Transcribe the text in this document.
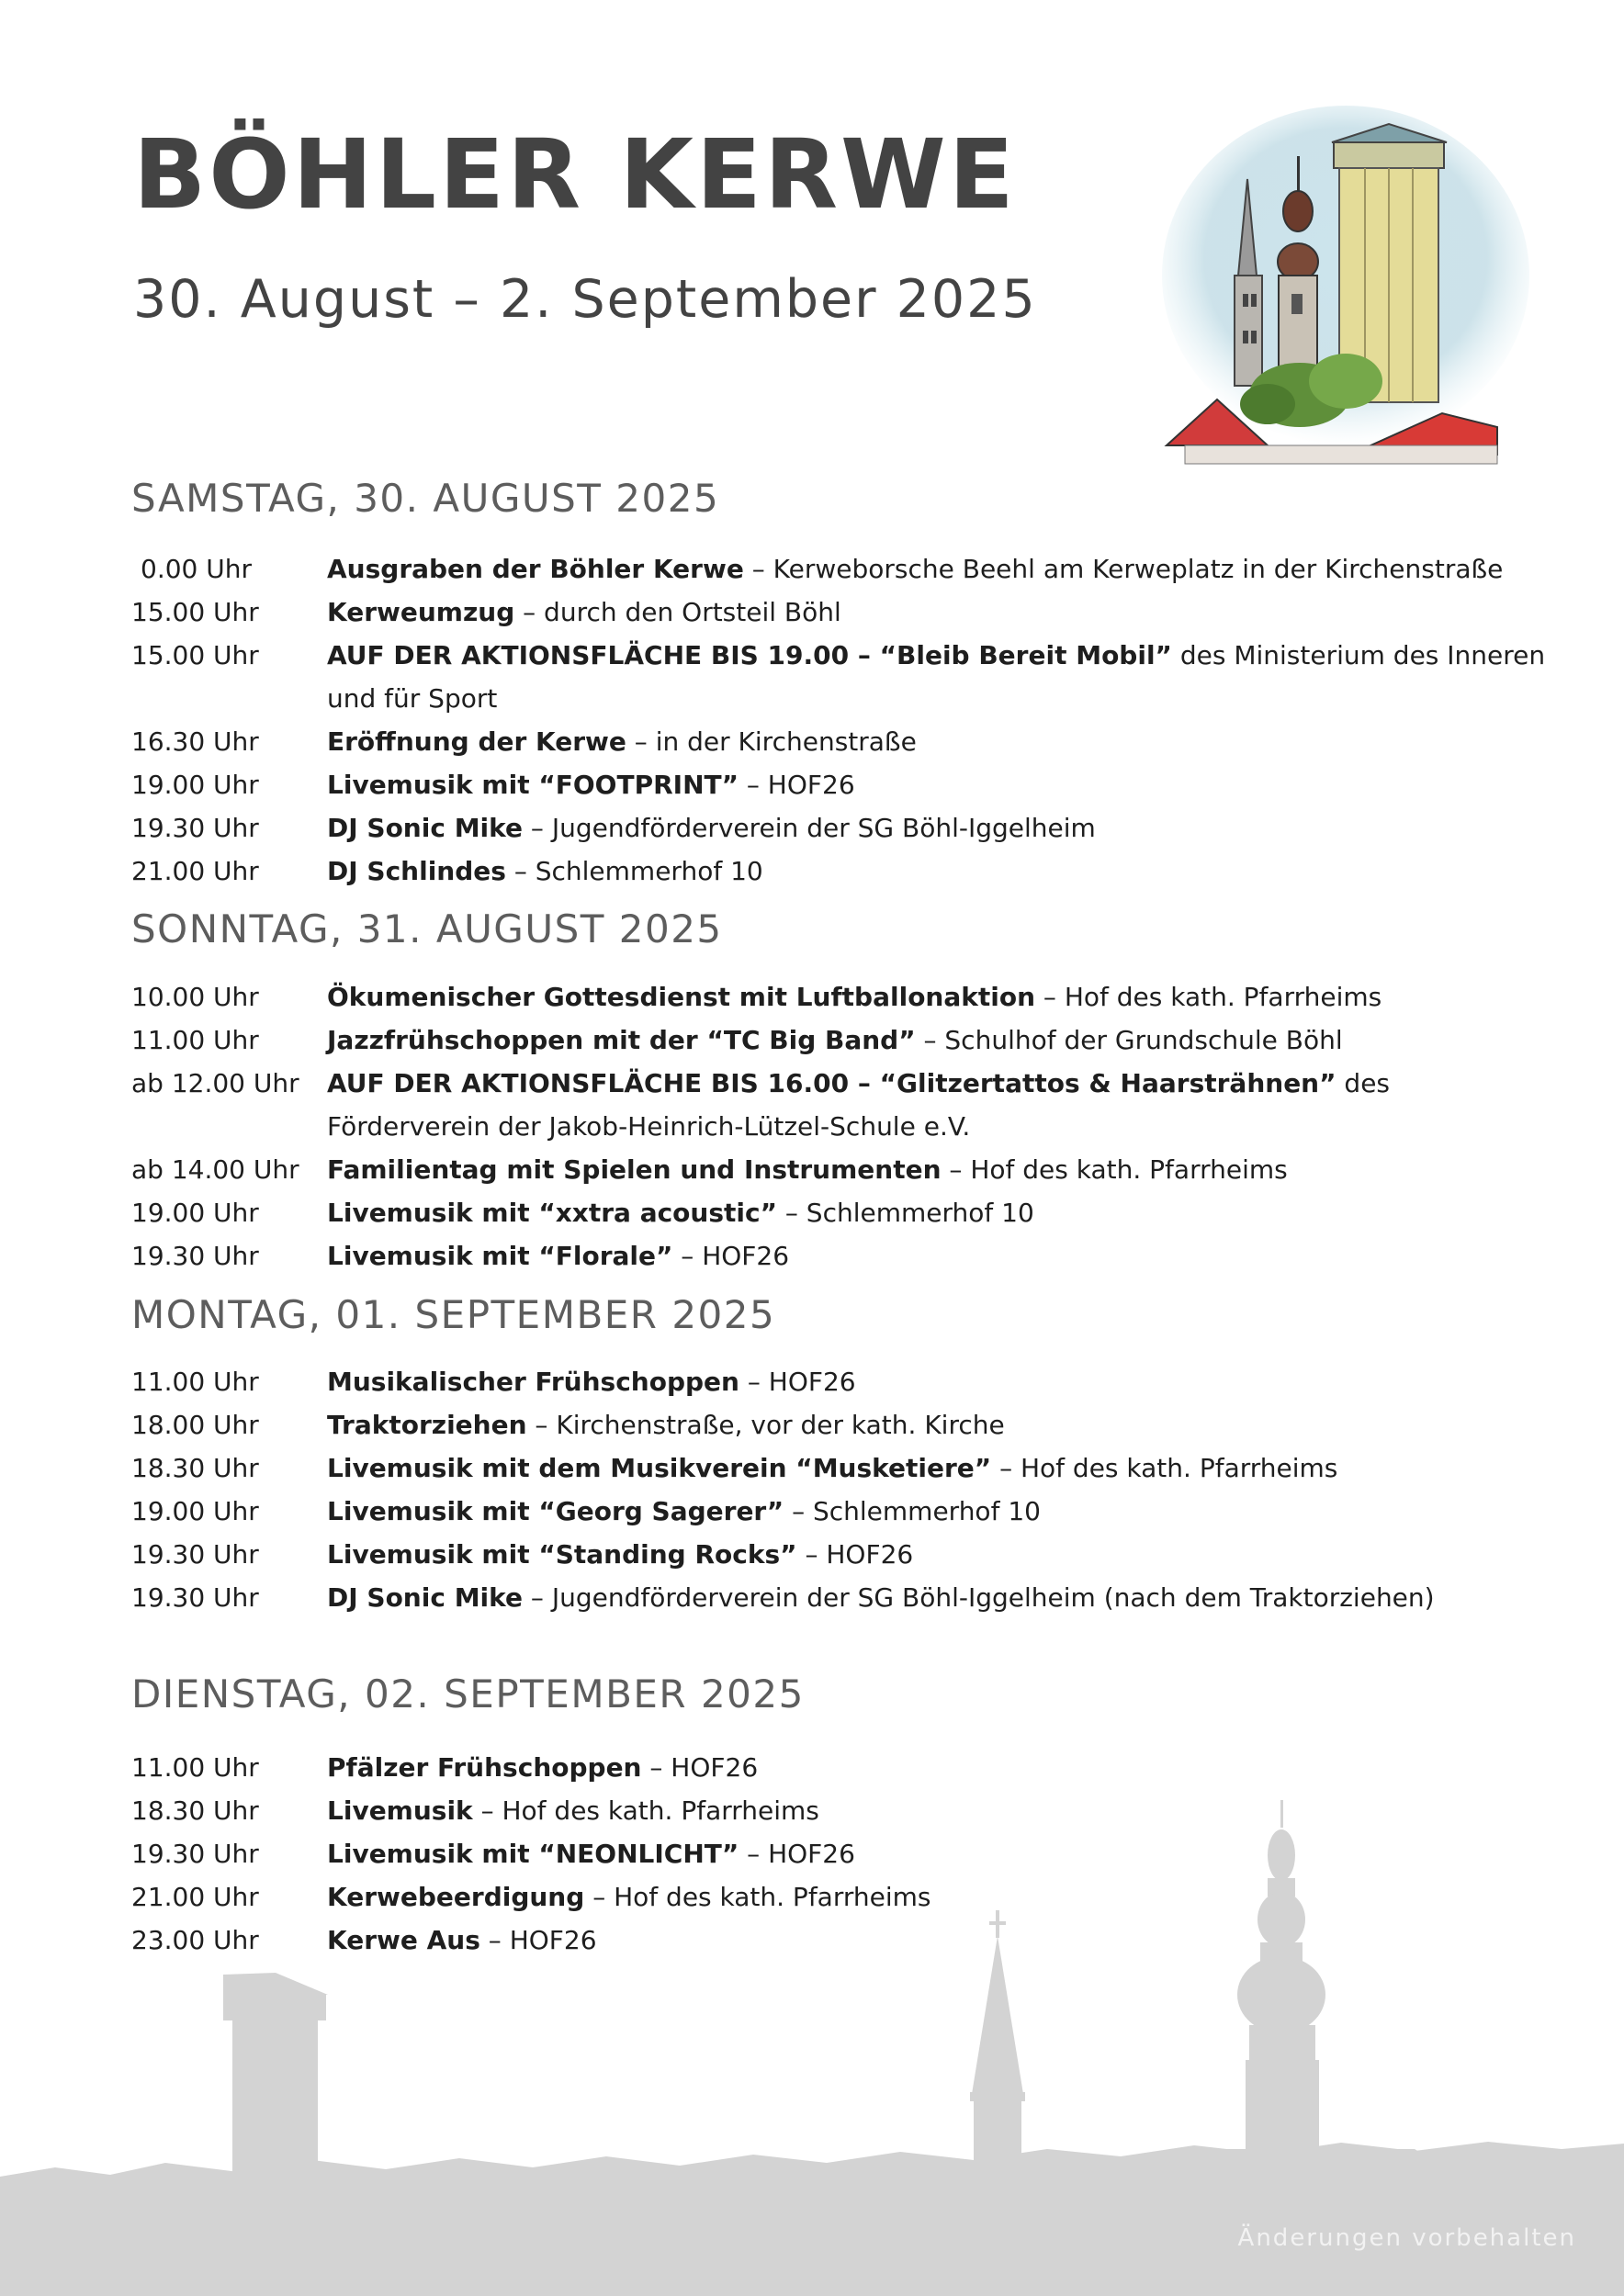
BÖHLER KERWE
30. August – 2. September 2025
SAMSTAG, 30. AUGUST 2025
0.00 Uhr	Ausgraben der Böhler Kerwe – Kerweborsche Beehl am Kerweplatz in der Kirchenstraße
15.00 Uhr	Kerweumzug – durch den Ortsteil Böhl
15.00 Uhr	AUF DER AKTIONSFLÄCHE BIS 19.00 – “Bleib Bereit Mobil” des Ministerium des Inneren und für Sport
16.30 Uhr	Eröffnung der Kerwe – in der Kirchenstraße
19.00 Uhr	Livemusik mit “FOOTPRINT” – HOF26
19.30 Uhr	DJ Sonic Mike – Jugendförderverein der SG Böhl-Iggelheim
21.00 Uhr	DJ Schlindes – Schlemmerhof 10
SONNTAG, 31. AUGUST 2025
10.00 Uhr	Ökumenischer Gottesdienst mit Luftballonaktion – Hof des kath. Pfarrheims
11.00 Uhr	Jazzfrühschoppen mit der “TC Big Band” – Schulhof der Grundschule Böhl
ab 12.00 Uhr	AUF DER AKTIONSFLÄCHE BIS 16.00 – “Glitzertattos & Haarsträhnen” des Förderverein der Jakob-Heinrich-Lützel-Schule e.V.
ab 14.00 Uhr	Familientag mit Spielen und Instrumenten – Hof des kath. Pfarrheims
19.00 Uhr	Livemusik mit “xxtra acoustic” – Schlemmerhof 10
19.30 Uhr	Livemusik mit “Florale” – HOF26
MONTAG, 01. SEPTEMBER 2025
11.00 Uhr	Musikalischer Frühschoppen – HOF26
18.00 Uhr	Traktorziehen – Kirchenstraße, vor der kath. Kirche
18.30 Uhr	Livemusik mit dem Musikverein “Musketiere” – Hof des kath. Pfarrheims
19.00 Uhr	Livemusik mit “Georg Sagerer” – Schlemmerhof 10
19.30 Uhr	Livemusik mit “Standing Rocks” – HOF26
19.30 Uhr	DJ Sonic Mike – Jugendförderverein der SG Böhl-Iggelheim (nach dem Traktorziehen)
DIENSTAG, 02. SEPTEMBER 2025
11.00 Uhr	Pfälzer Frühschoppen – HOF26
18.30 Uhr	Livemusik – Hof des kath. Pfarrheims
19.30 Uhr	Livemusik mit “NEONLICHT” – HOF26
21.00 Uhr	Kerwebeerdigung – Hof des kath. Pfarrheims
23.00 Uhr	Kerwe Aus – HOF26
Änderungen vorbehalten
